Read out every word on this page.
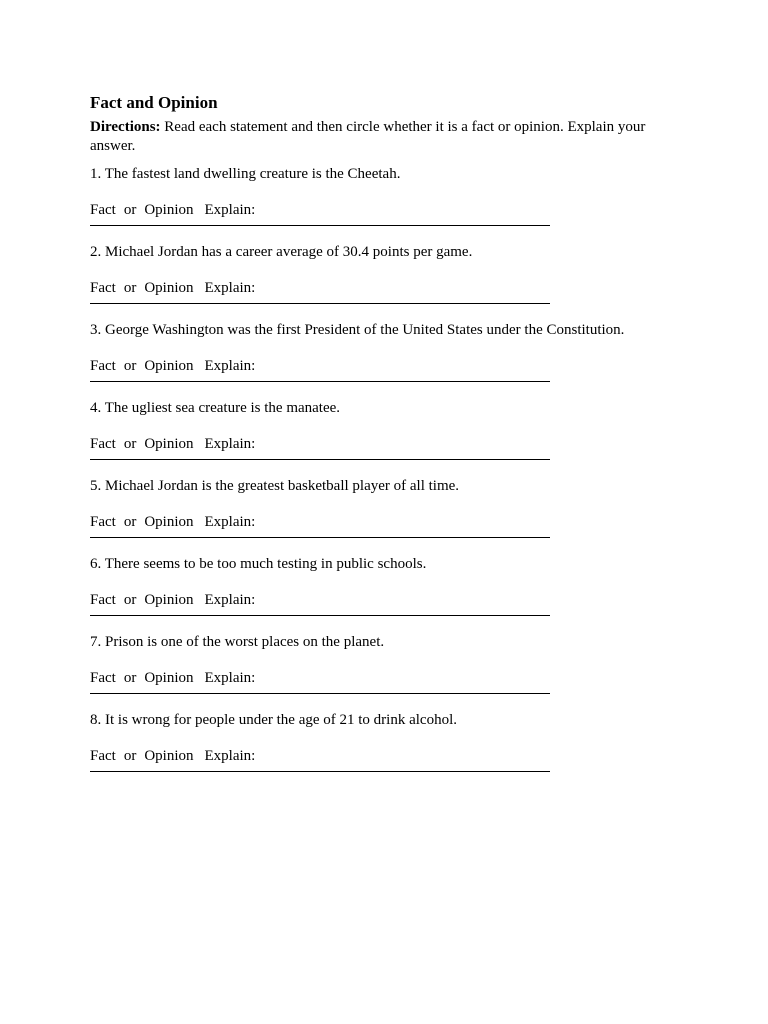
Fact and Opinion
Directions: Read each statement and then circle whether it is a fact or opinion. Explain your answer.
1. The fastest land dwelling creature is the Cheetah.
Fact or Opinion Explain:
2. Michael Jordan has a career average of 30.4 points per game.
Fact or Opinion Explain:
3. George Washington was the first President of the United States under the Constitution.
Fact or Opinion Explain:
4. The ugliest sea creature is the manatee.
Fact or Opinion Explain:
5. Michael Jordan is the greatest basketball player of all time.
Fact or Opinion Explain:
6. There seems to be too much testing in public schools.
Fact or Opinion Explain:
7. Prison is one of the worst places on the planet.
Fact or Opinion Explain:
8. It is wrong for people under the age of 21 to drink alcohol.
Fact or Opinion Explain:
